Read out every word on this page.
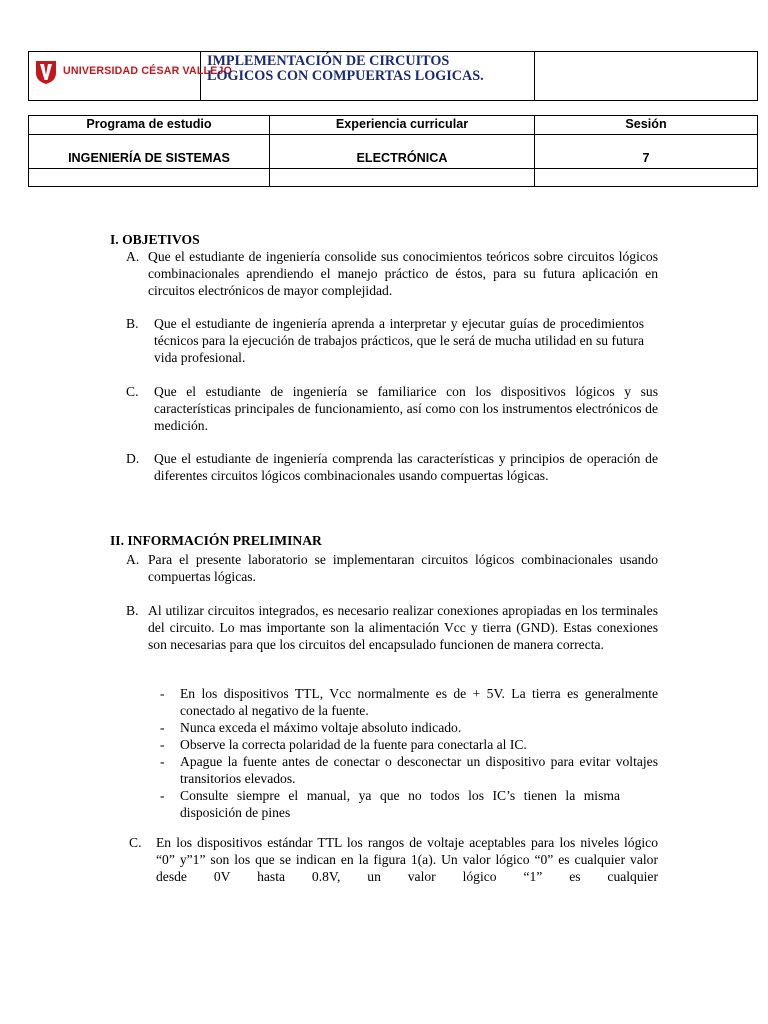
UNIVERSIDAD CÉSAR VALLEJO
IMPLEMENTACIÓN DE CIRCUITOS
LOGICOS CON COMPUERTAS LOGICAS.
Programa de estudio	Experiencia curricular	Sesión
INGENIERÍA DE SISTEMAS	ELECTRÓNICA	7
I. OBJETIVOS
A. Que el estudiante de ingeniería consolide sus conocimientos teóricos sobre circuitos lógicos combinacionales aprendiendo el manejo práctico de éstos, para su futura aplicación en circuitos electrónicos de mayor complejidad.
B. Que el estudiante de ingeniería aprenda a interpretar y ejecutar guías de procedimientos técnicos para la ejecución de trabajos prácticos, que le será de mucha utilidad en su futura vida profesional.
C. Que el estudiante de ingeniería se familiarice con los dispositivos lógicos y sus características principales de funcionamiento, así como con los instrumentos electrónicos de medición.
D. Que el estudiante de ingeniería comprenda las características y principios de operación de diferentes circuitos lógicos combinacionales usando compuertas lógicas.
II. INFORMACIÓN PRELIMINAR
A. Para el presente laboratorio se implementaran circuitos lógicos combinacionales usando compuertas lógicas.
B. Al utilizar circuitos integrados, es necesario realizar conexiones apropiadas en los terminales del circuito. Lo mas importante son la alimentación Vcc y tierra (GND). Estas conexiones son necesarias para que los circuitos del encapsulado funcionen de manera correcta.
- En los dispositivos TTL, Vcc normalmente es de + 5V. La tierra es generalmente conectado al negativo de la fuente.
- Nunca exceda el máximo voltaje absoluto indicado.
- Observe la correcta polaridad de la fuente para conectarla al IC.
- Apague la fuente antes de conectar o desconectar un dispositivo para evitar voltajes transitorios elevados.
- Consulte siempre el manual, ya que no todos los IC’s tienen la misma disposición de pines
C. En los dispositivos estándar TTL los rangos de voltaje aceptables para los niveles lógico “0” y”1” son los que se indican en la figura 1(a). Un valor lógico “0” es cualquier valor desde 0V hasta 0.8V, un valor lógico “1” es cualquier
